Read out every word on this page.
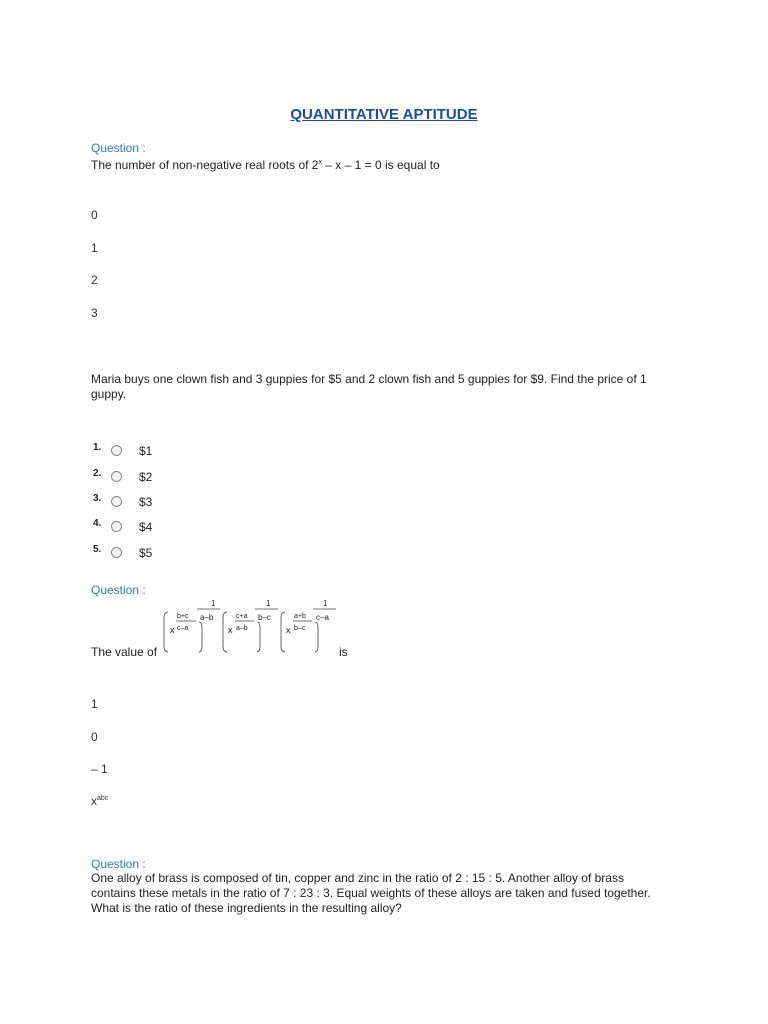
QUANTITATIVE APTITUDE
Question :
The number of non-negative real roots of 2$^x$ – x – 1 = 0 is equal to
0
1
2
3
Maria buys one clown fish and 3 guppies for $5 and 2 clown fish and 5 guppies for $9. Find the price of 1
guppy.
1.	$1
2.	$2
3.	$3
4.	$4
5.	$5
Question :
The value of
1
b+c
c–a
x
a–b
1
c+a
a–b
x
b–c
1
a+b
b–c
x
c–a
is
1
0
– 1
$x^{abc}$
Question :
One alloy of brass is composed of tin, copper and zinc in the ratio of 2 : 15 : 5. Another alloy of brass
contains these metals in the ratio of 7 : 23 : 3. Equal weights of these alloys are taken and fused together.
What is the ratio of these ingredients in the resulting alloy?
